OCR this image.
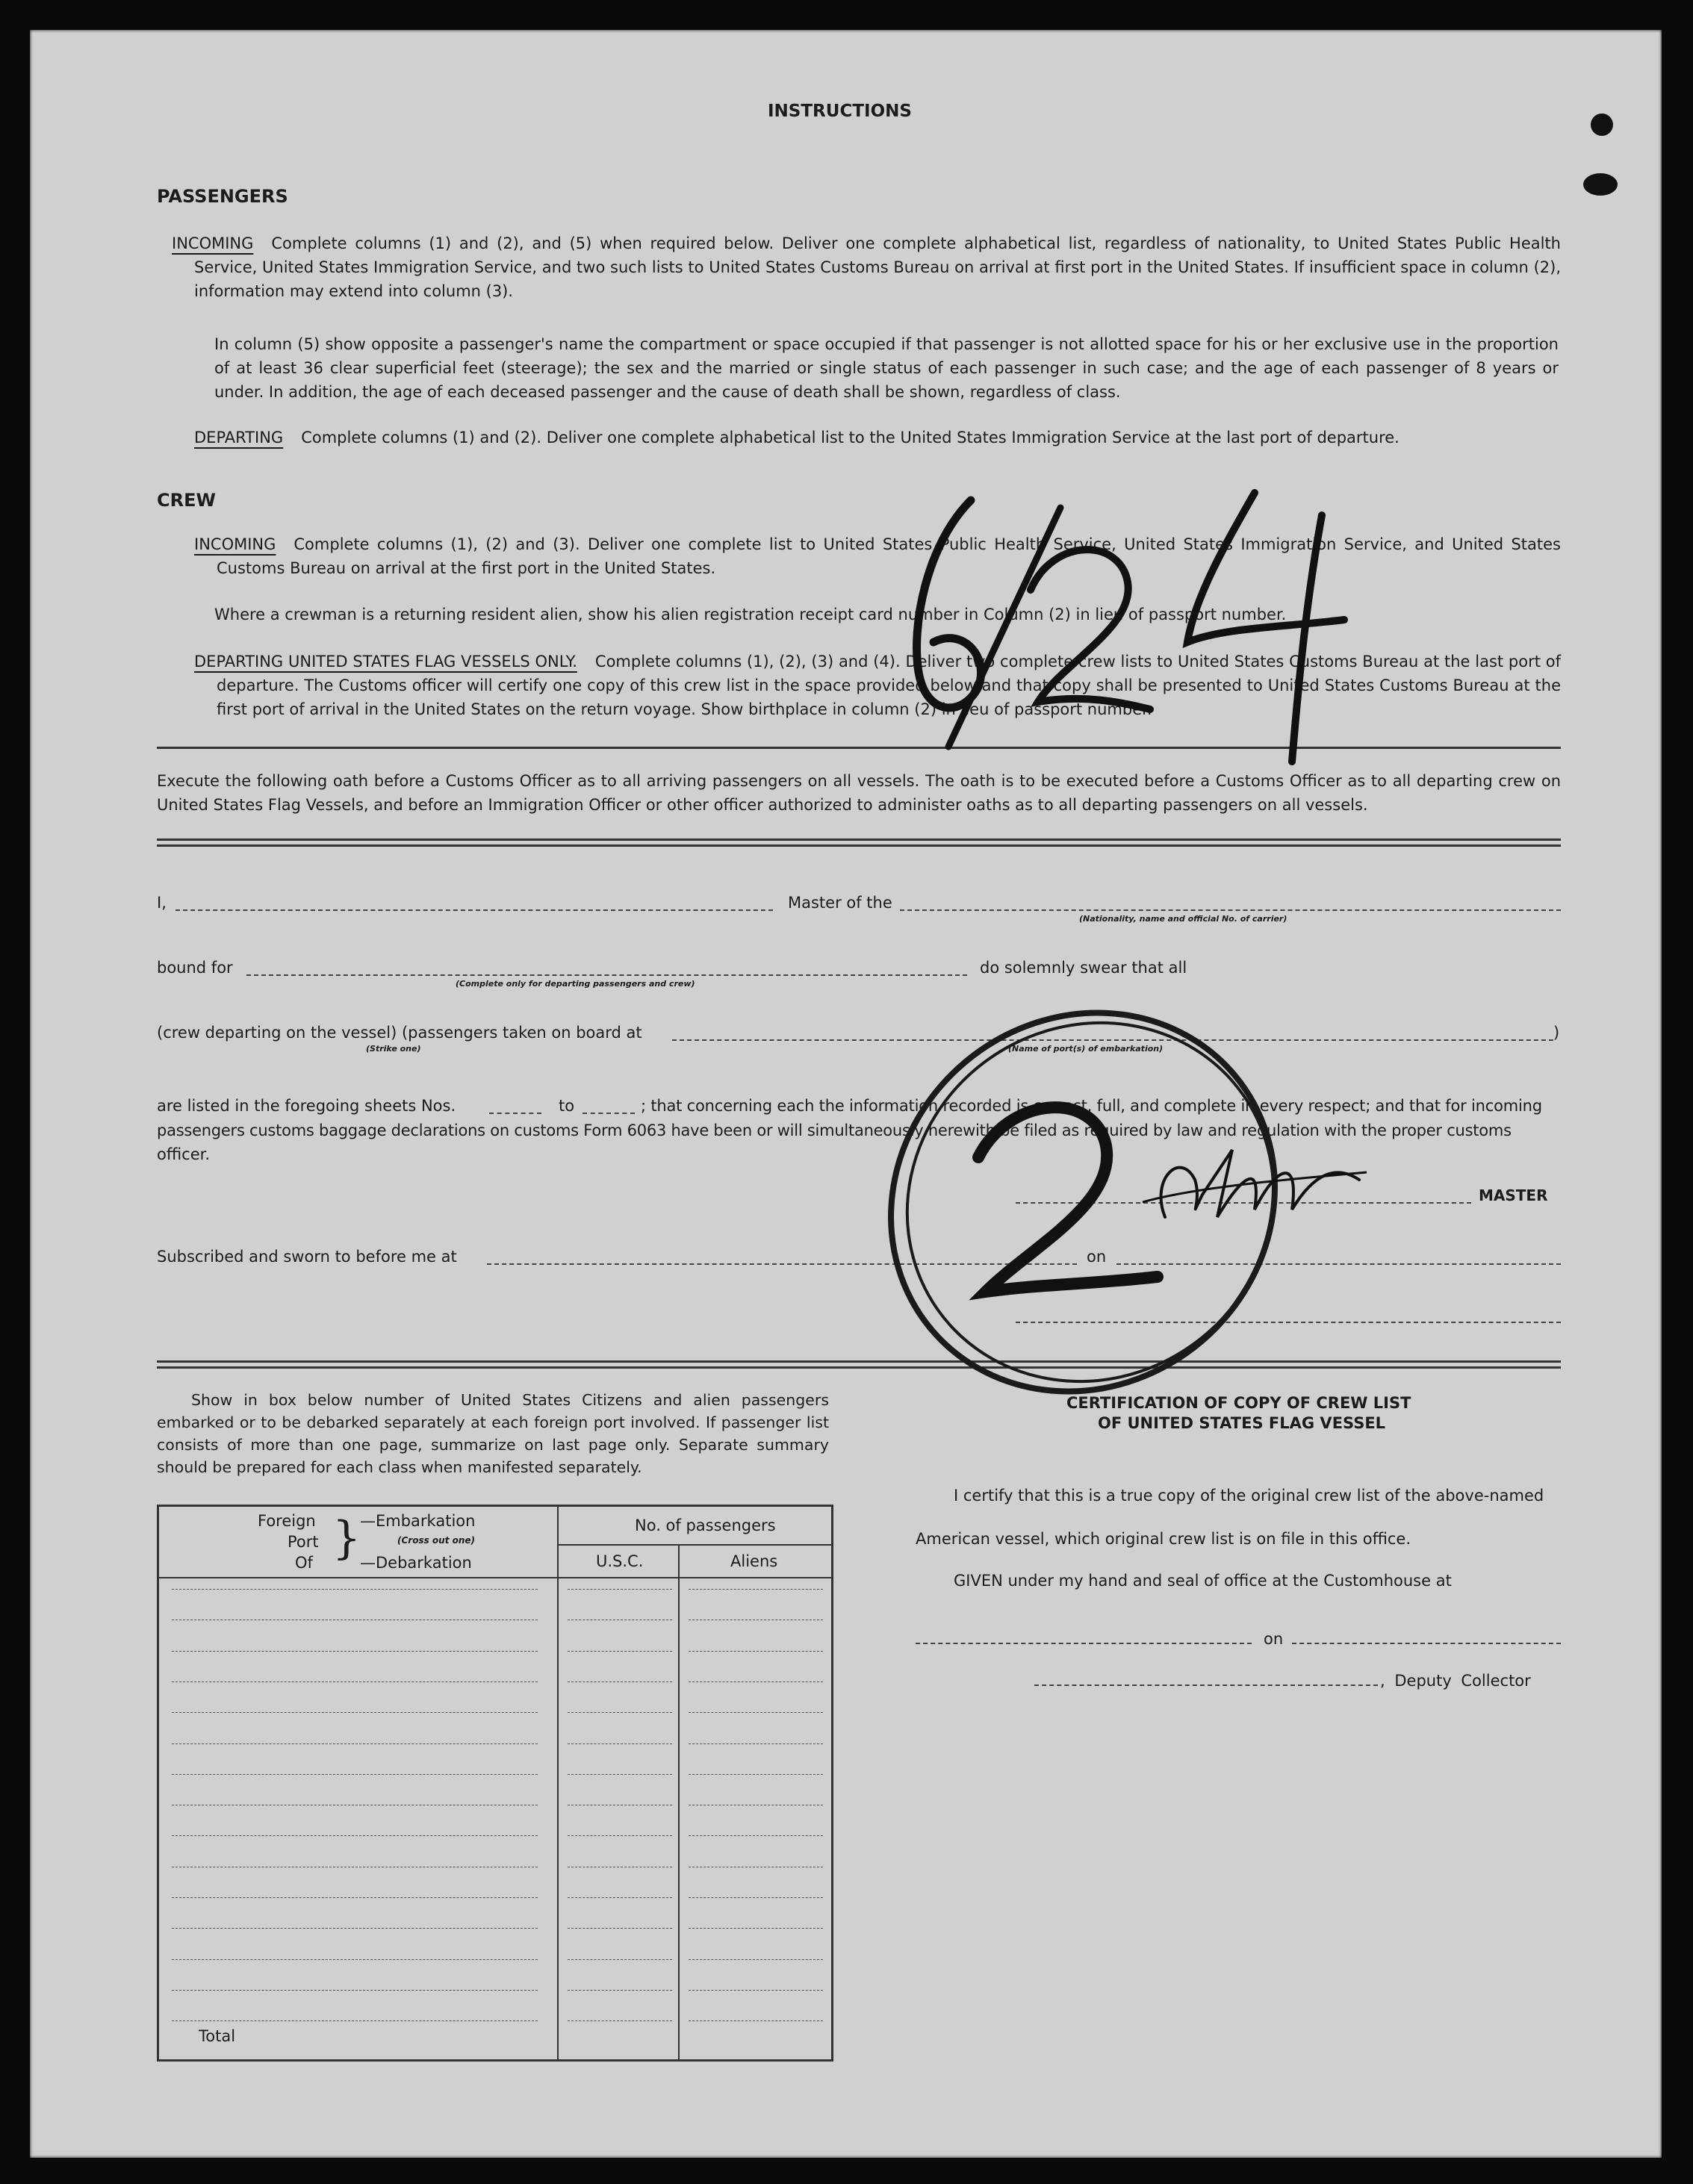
INSTRUCTIONS
PASSENGERS
INCOMING Complete columns (1) and (2), and (5) when required below. Deliver one complete alphabetical list, regardless of nationality, to United States Public Health Service, United States Immigration Service, and two such lists to United States Customs Bureau on arrival at first port in the United States. If insufficient space in column (2), information may extend into column (3).
In column (5) show opposite a passenger's name the compartment or space occupied if that passenger is not allotted space for his or her exclusive use in the proportion of at least 36 clear superficial feet (steerage); the sex and the married or single status of each passenger in such case; and the age of each passenger of 8 years or under. In addition, the age of each deceased passenger and the cause of death shall be shown, regardless of class.
DEPARTING Complete columns (1) and (2). Deliver one complete alphabetical list to the United States Immigration Service at the last port of departure.
CREW
INCOMING Complete columns (1), (2) and (3). Deliver one complete list to United States Public Health Service, United States Immigration Service, and United States Customs Bureau on arrival at the first port in the United States.
Where a crewman is a returning resident alien, show his alien registration receipt card number in Column (2) in lieu of passport number.
DEPARTING UNITED STATES FLAG VESSELS ONLY. Complete columns (1), (2), (3) and (4). Deliver two complete crew lists to United States Customs Bureau at the last port of departure. The Customs officer will certify one copy of this crew list in the space provided below and that copy shall be presented to United States Customs Bureau at the first port of arrival in the United States on the return voyage. Show birthplace in column (2) in lieu of passport number.
Execute the following oath before a Customs Officer as to all arriving passengers on all vessels. The oath is to be executed before a Customs Officer as to all departing crew on United States Flag Vessels, and before an Immigration Officer or other officer authorized to administer oaths as to all departing passengers on all vessels.
I,	Master of the
(Nationality, name and official No. of carrier)
bound for
(Complete only for departing passengers and crew)
do solemnly swear that all
(crew departing on the vessel) (passengers taken on board at
(Strike one)	(Name of port(s) of embarkation)
)
are listed in the foregoing sheets Nos.	to	; that concerning each the information recorded is correct, full, and complete in every respect; and that for incoming
passengers customs baggage declarations on customs Form 6063 have been or will simultaneously herewith be filed as required by law and regulation with the proper customs
officer.
MASTER
Subscribed and sworn to before me at	on
Show in box below number of United States Citizens and alien passengers embarked or to be debarked separately at each foreign port involved. If passenger list consists of more than one page, summarize on last page only. Separate summary should be prepared for each class when manifested separately.
Foreign
Port
Of }
—Embarkation
(Cross out one)
—Debarkation
No. of passengers
U.S.C.	Aliens
Total
CERTIFICATION OF COPY OF CREW LIST
OF UNITED STATES FLAG VESSEL
I certify that this is a true copy of the original crew list of the above-named
American vessel, which original crew list is on file in this office.
GIVEN under my hand and seal of office at the Customhouse at
on
, Deputy Collector
